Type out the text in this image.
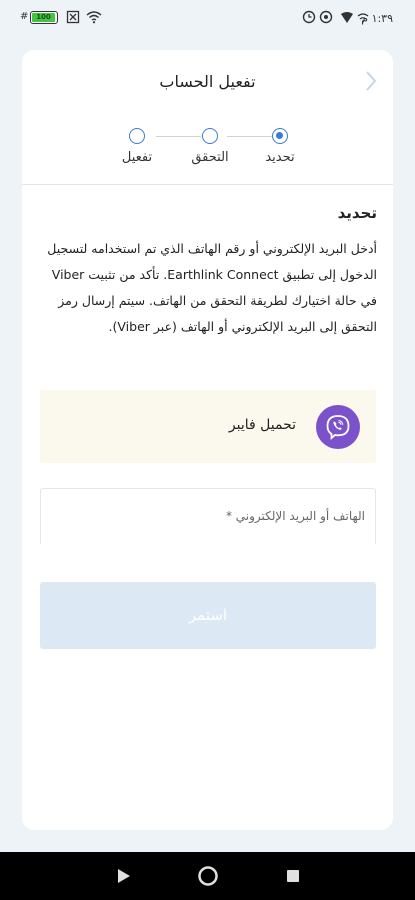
#	100	١:٣٩ م
تفعيل الحساب
تحديد
التحقق
تفعيل
تحديد
أدخل البريد الإلكتروني أو رقم الهاتف الذي تم استخدامه لتسجيل الدخول إلى تطبيق Earthlink Connect. تأكد من تثبيت Viber في حالة اختيارك لطريقة التحقق من الهاتف. سيتم إرسال رمز التحقق إلى البريد الإلكتروني أو الهاتف (عبر Viber).
تحميل فايبر
الهاتف أو البريد الإلكتروني *
استمر
